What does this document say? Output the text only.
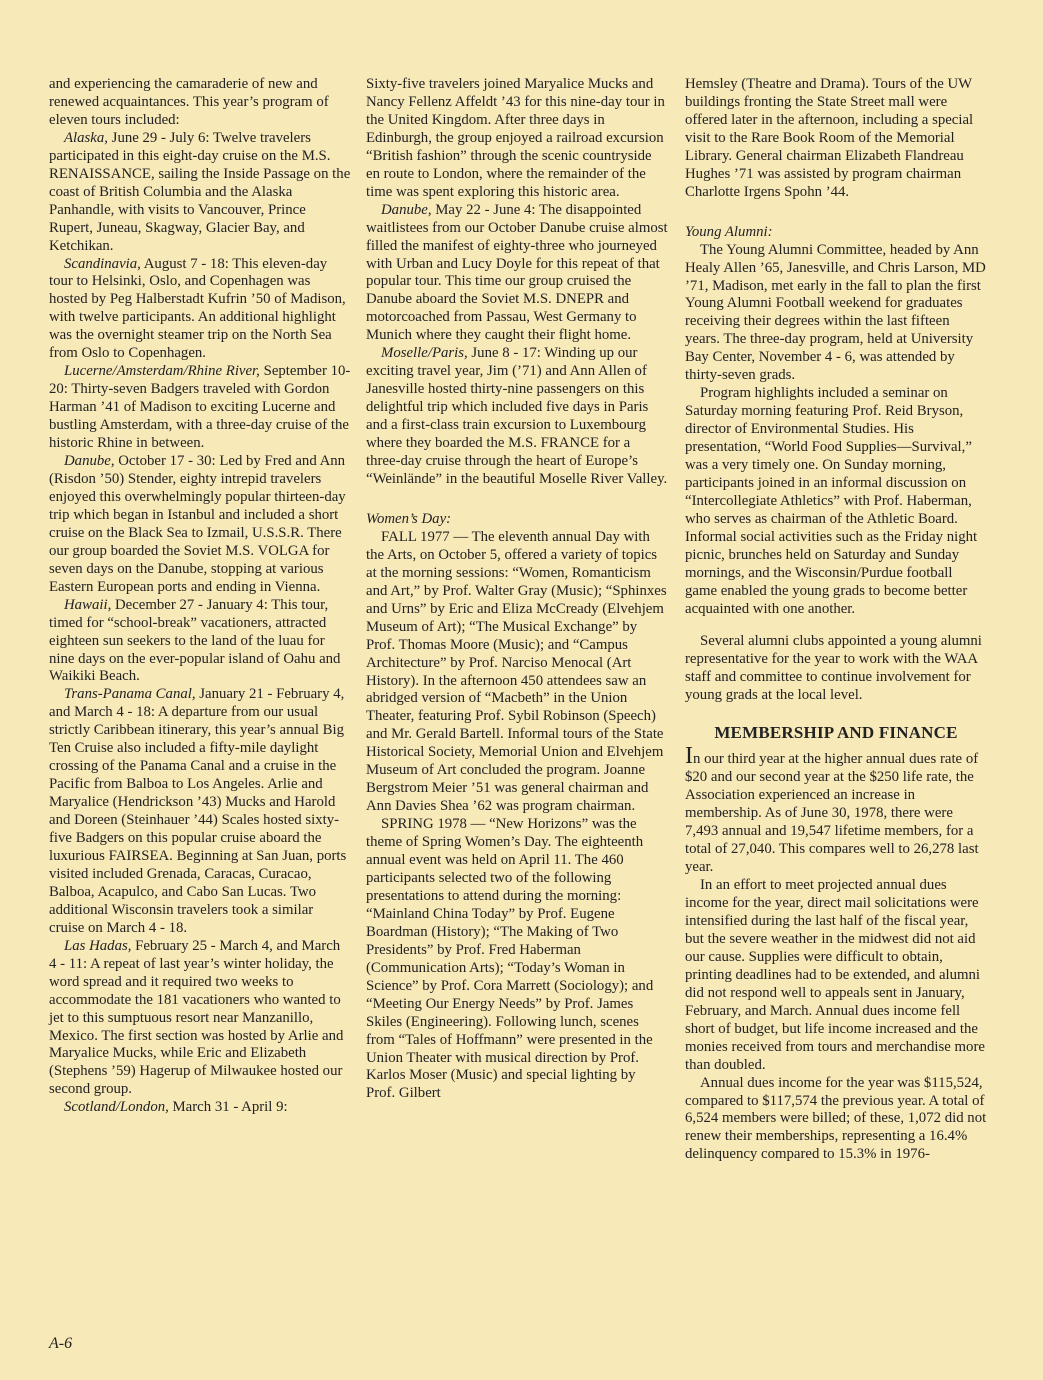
and experiencing the camaraderie of new and renewed acquaintances. This year’s program of eleven tours included:

Alaska, June 29 - July 6: Twelve travelers participated in this eight-day cruise on the M.S. RENAISSANCE, sailing the Inside Passage on the coast of British Columbia and the Alaska Panhandle, with visits to Vancouver, Prince Rupert, Juneau, Skagway, Glacier Bay, and Ketchikan.

Scandinavia, August 7 - 18: This eleven-day tour to Helsinki, Oslo, and Copenhagen was hosted by Peg Halberstadt Kufrin ’50 of Madison, with twelve participants. An additional highlight was the overnight steamer trip on the North Sea from Oslo to Copenhagen.

Lucerne/Amsterdam/Rhine River, September 10-20: Thirty-seven Badgers traveled with Gordon Harman ’41 of Madison to exciting Lucerne and bustling Amsterdam, with a three-day cruise of the historic Rhine in between.

Danube, October 17 - 30: Led by Fred and Ann (Risdon ’50) Stender, eighty intrepid travelers enjoyed this overwhelmingly popular thirteen-day trip which began in Istanbul and included a short cruise on the Black Sea to Izmail, U.S.S.R. There our group boarded the Soviet M.S. VOLGA for seven days on the Danube, stopping at various Eastern European ports and ending in Vienna.

Hawaii, December 27 - January 4: This tour, timed for “school-break” vacationers, attracted eighteen sun seekers to the land of the luau for nine days on the ever-popular island of Oahu and Waikiki Beach.

Trans-Panama Canal, January 21 - February 4, and March 4 - 18: A departure from our usual strictly Caribbean itinerary, this year’s annual Big Ten Cruise also included a fifty-mile daylight crossing of the Panama Canal and a cruise in the Pacific from Balboa to Los Angeles. Arlie and Maryalice (Hendrickson ’43) Mucks and Harold and Doreen (Steinhauer ’44) Scales hosted sixty-five Badgers on this popular cruise aboard the luxurious FAIRSEA. Beginning at San Juan, ports visited included Grenada, Caracas, Curacao, Balboa, Acapulco, and Cabo San Lucas. Two additional Wisconsin travelers took a similar cruise on March 4 - 18.

Las Hadas, February 25 - March 4, and March 4 - 11: A repeat of last year’s winter holiday, the word spread and it required two weeks to accommodate the 181 vacationers who wanted to jet to this sumptuous resort near Manzanillo, Mexico. The first section was hosted by Arlie and Maryalice Mucks, while Eric and Elizabeth (Stephens ’59) Hagerup of Milwaukee hosted our second group.

Scotland/London, March 31 - April 9:

Sixty-five travelers joined Maryalice Mucks and Nancy Fellenz Affeldt ’43 for this nine-day tour in the United Kingdom. After three days in Edinburgh, the group enjoyed a railroad excursion “British fashion” through the scenic countryside en route to London, where the remainder of the time was spent exploring this historic area.

Danube, May 22 - June 4: The disappointed waitlistees from our October Danube cruise almost filled the manifest of eighty-three who journeyed with Urban and Lucy Doyle for this repeat of that popular tour. This time our group cruised the Danube aboard the Soviet M.S. DNEPR and motorcoached from Passau, West Germany to Munich where they caught their flight home.

Moselle/Paris, June 8 - 17: Winding up our exciting travel year, Jim (’71) and Ann Allen of Janesville hosted thirty-nine passengers on this delightful trip which included five days in Paris and a first-class train excursion to Luxembourg where they boarded the M.S. FRANCE for a three-day cruise through the heart of Europe’s “Weinlände” in the beautiful Moselle River Valley.

Women’s Day:

FALL 1977 — The eleventh annual Day with the Arts, on October 5, offered a variety of topics at the morning sessions: “Women, Romanticism and Art,” by Prof. Walter Gray (Music); “Sphinxes and Urns” by Eric and Eliza McCready (Elvehjem Museum of Art); “The Musical Exchange” by Prof. Thomas Moore (Music); and “Campus Architecture” by Prof. Narciso Menocal (Art History). In the afternoon 450 attendees saw an abridged version of “Macbeth” in the Union Theater, featuring Prof. Sybil Robinson (Speech) and Mr. Gerald Bartell. Informal tours of the State Historical Society, Memorial Union and Elvehjem Museum of Art concluded the program. Joanne Bergstrom Meier ’51 was general chairman and Ann Davies Shea ’62 was program chairman.

SPRING 1978 — “New Horizons” was the theme of Spring Women’s Day. The eighteenth annual event was held on April 11. The 460 participants selected two of the following presentations to attend during the morning: “Mainland China Today” by Prof. Eugene Boardman (History); “The Making of Two Presidents” by Prof. Fred Haberman (Communication Arts); “Today’s Woman in Science” by Prof. Cora Marrett (Sociology); and “Meeting Our Energy Needs” by Prof. James Skiles (Engineering). Following lunch, scenes from “Tales of Hoffmann” were presented in the Union Theater with musical direction by Prof. Karlos Moser (Music) and special lighting by Prof. Gilbert

Hemsley (Theatre and Drama). Tours of the UW buildings fronting the State Street mall were offered later in the afternoon, including a special visit to the Rare Book Room of the Memorial Library. General chairman Elizabeth Flandreau Hughes ’71 was assisted by program chairman Charlotte Irgens Spohn ’44.

Young Alumni:

The Young Alumni Committee, headed by Ann Healy Allen ’65, Janesville, and Chris Larson, MD ’71, Madison, met early in the fall to plan the first Young Alumni Football weekend for graduates receiving their degrees within the last fifteen years. The three-day program, held at University Bay Center, November 4 - 6, was attended by thirty-seven grads.

Program highlights included a seminar on Saturday morning featuring Prof. Reid Bryson, director of Environmental Studies. His presentation, “World Food Supplies—Survival,” was a very timely one. On Sunday morning, participants joined in an informal discussion on “Intercollegiate Athletics” with Prof. Haberman, who serves as chairman of the Athletic Board. Informal social activities such as the Friday night picnic, brunches held on Saturday and Sunday mornings, and the Wisconsin/Purdue football game enabled the young grads to become better acquainted with one another.

Several alumni clubs appointed a young alumni representative for the year to work with the WAA staff and committee to continue involvement for young grads at the local level.

MEMBERSHIP AND FINANCE

In our third year at the higher annual dues rate of $20 and our second year at the $250 life rate, the Association experienced an increase in membership. As of June 30, 1978, there were 7,493 annual and 19,547 lifetime members, for a total of 27,040. This compares well to 26,278 last year.

In an effort to meet projected annual dues income for the year, direct mail solicitations were intensified during the last half of the fiscal year, but the severe weather in the midwest did not aid our cause. Supplies were difficult to obtain, printing deadlines had to be extended, and alumni did not respond well to appeals sent in January, February, and March. Annual dues income fell short of budget, but life income increased and the monies received from tours and merchandise more than doubled.

Annual dues income for the year was $115,524, compared to $117,574 the previous year. A total of 6,524 members were billed; of these, 1,072 did not renew their memberships, representing a 16.4% delinquency compared to 15.3% in 1976-

A-6
